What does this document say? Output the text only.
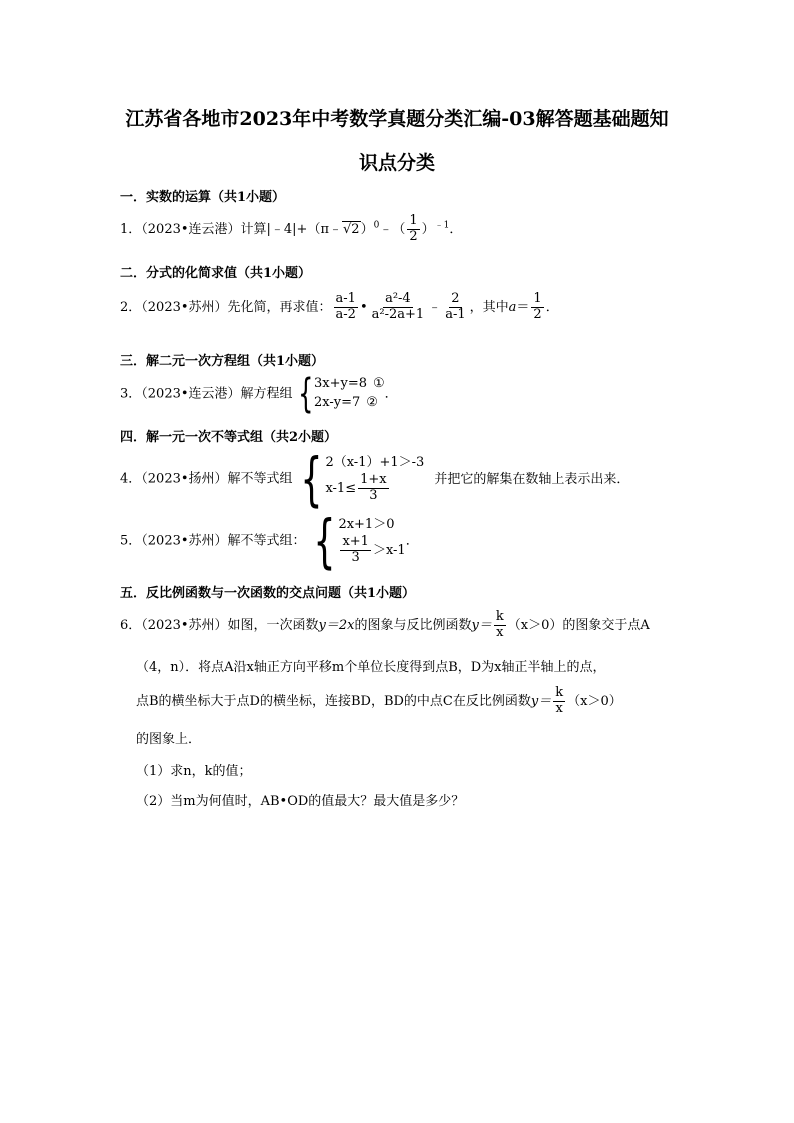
江苏省各地市2023年中考数学真题分类汇编-03解答题基础题知
识点分类
一．实数的运算（共1小题）
1．（2023•连云港）计算|﹣4|+（π﹣√2）$^0$﹣（ $\frac{1}{2} )^{﹣1}$．
二．分式的化简求值（共1小题）
2．（2023•苏州）先化简，再求值： $\frac{a-1}{a-2}$ • $\frac{\text{a²-4}}{\text{a²-2a+1}}$ ﹣ $\frac{2}{a-1}$ ，其中$a= \frac{1}{2}$ ．
三．解二元一次方程组（共1小题）
3．（2023•连云港）解方程组 { 3x+y=8 ①
2x-y=7 ②
．
四．解一元一次不等式组（共2小题）
4．（2023•扬州）解不等式组 { 2（x-1）+1＞-3
$x-1\le \frac{1+x}{3}$	并把它的解集在数轴上表示出来．
5．（2023•苏州）解不等式组： { 2x+1＞0
$\frac{x+1}{3} >x-1$
．
五．反比例函数与一次函数的交点问题（共1小题）
6．（2023•苏州）如图，一次函数y＝2x的图象与反比例函数$y= \frac{k}{x} (x>0)$的图象交于点A
（4，n）．将点A沿x轴正方向平移m个单位长度得到点B，D为x轴正半轴上的点，
点B的横坐标大于点D的横坐标，连接BD，BD的中点C在反比例函数$y= \frac{k}{x} (x>0)$
的图象上．
（1）求n，k的值；
（2）当m为何值时，AB•OD的值最大？最大值是多少？
